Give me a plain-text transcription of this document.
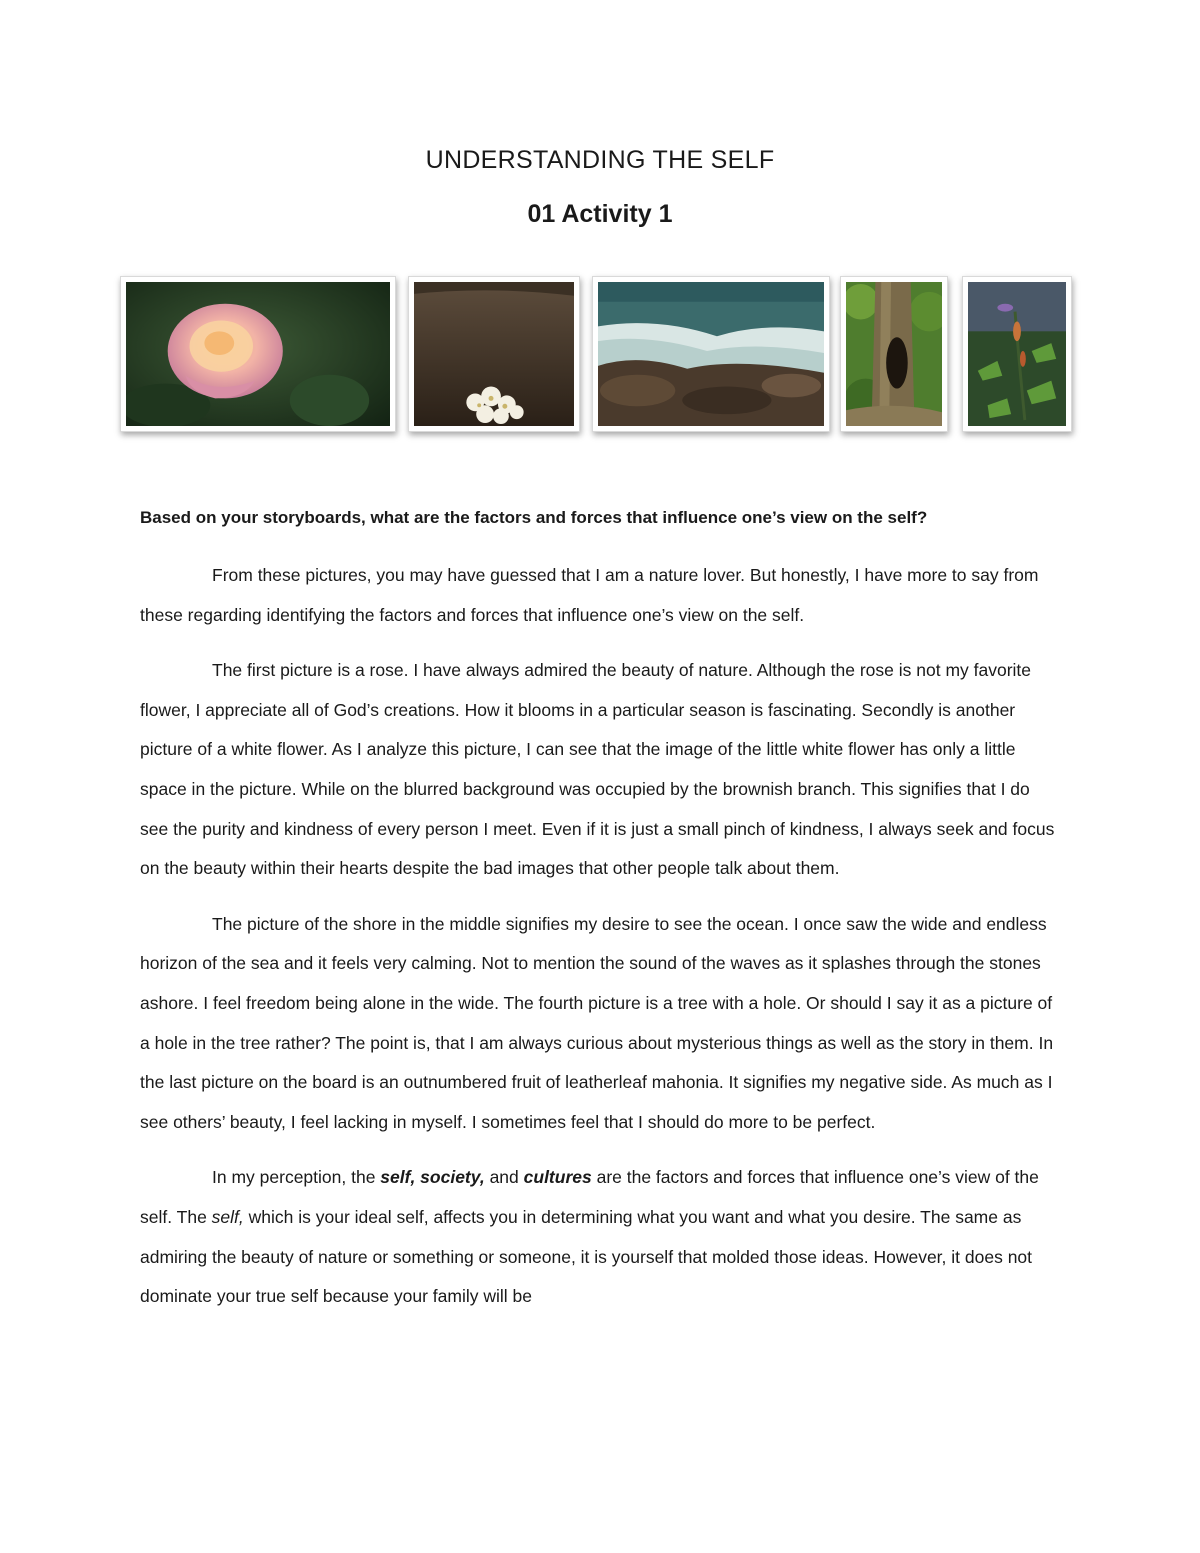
UNDERSTANDING THE SELF
01 Activity 1
Based on your storyboards, what are the factors and forces that influence one’s view on the self?

From these pictures, you may have guessed that I am a nature lover. But honestly, I have more to say from these regarding identifying the factors and forces that influence one’s view on the self.

The first picture is a rose. I have always admired the beauty of nature. Although the rose is not my favorite flower, I appreciate all of God’s creations. How it blooms in a particular season is fascinating. Secondly is another picture of a white flower. As I analyze this picture, I can see that the image of the little white flower has only a little space in the picture. While on the blurred background was occupied by the brownish branch. This signifies that I do see the purity and kindness of every person I meet. Even if it is just a small pinch of kindness, I always seek and focus on the beauty within their hearts despite the bad images that other people talk about them.

The picture of the shore in the middle signifies my desire to see the ocean. I once saw the wide and endless horizon of the sea and it feels very calming. Not to mention the sound of the waves as it splashes through the stones ashore. I feel freedom being alone in the wide. The fourth picture is a tree with a hole. Or should I say it as a picture of a hole in the tree rather? The point is, that I am always curious about mysterious things as well as the story in them. In the last picture on the board is an outnumbered fruit of leatherleaf mahonia. It signifies my negative side. As much as I see others’ beauty, I feel lacking in myself. I sometimes feel that I should do more to be perfect.

In my perception, the self, society, and cultures are the factors and forces that influence one’s view of the self. The self, which is your ideal self, affects you in determining what you want and what you desire. The same as admiring the beauty of nature or something or someone, it is yourself that molded those ideas. However, it does not dominate your true self because your family will be
